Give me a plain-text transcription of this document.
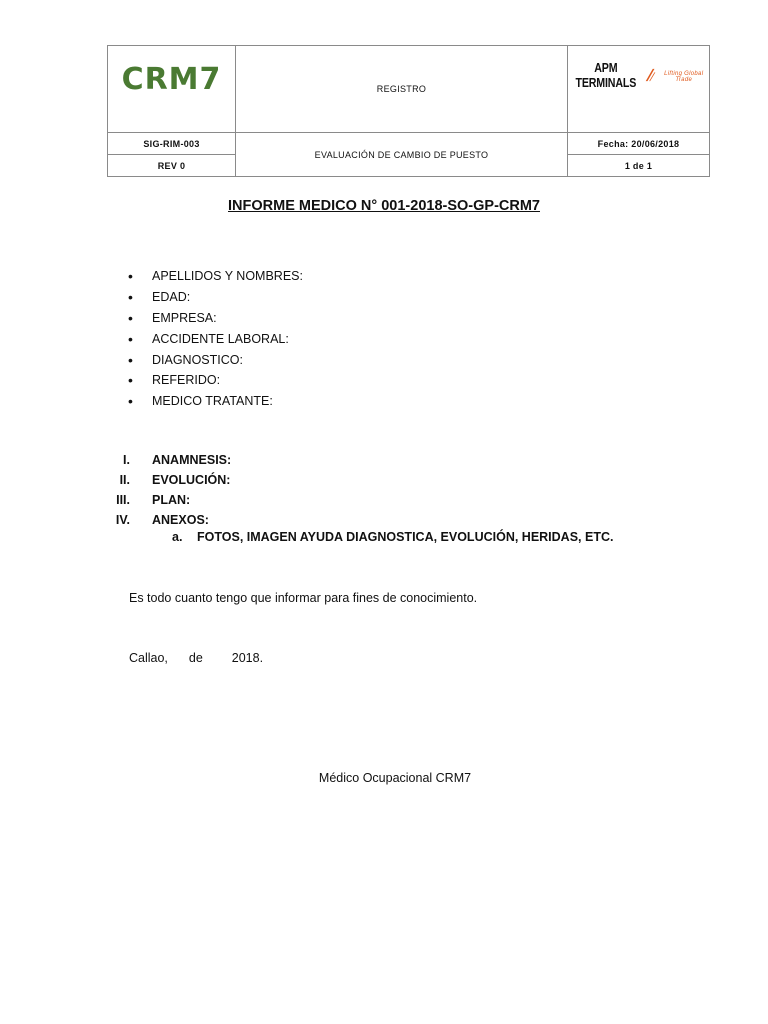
CRM7	REGISTRO	APM TERMINALS
Lifting Global Trade

SIG-RIM-003	EVALUACIÓN DE CAMBIO DE PUESTO	Fecha: 20/06/2018
REV 0		1 de 1
INFORME MEDICO N° 001-2018-SO-GP-CRM7
•	APELLIDOS Y NOMBRES:
•	EDAD:
•	EMPRESA:
•	ACCIDENTE LABORAL:
•	DIAGNOSTICO:
•	REFERIDO:
•	MEDICO TRATANTE:
I. ANAMNESIS:
II. EVOLUCIÓN:
III. PLAN:
IV. ANEXOS:
a. FOTOS, IMAGEN AYUDA DIAGNOSTICA, EVOLUCIÓN, HERIDAS, ETC.
Es todo cuanto tengo que informar para fines de conocimiento.
Callao, de 2018.
Médico Ocupacional CRM7
